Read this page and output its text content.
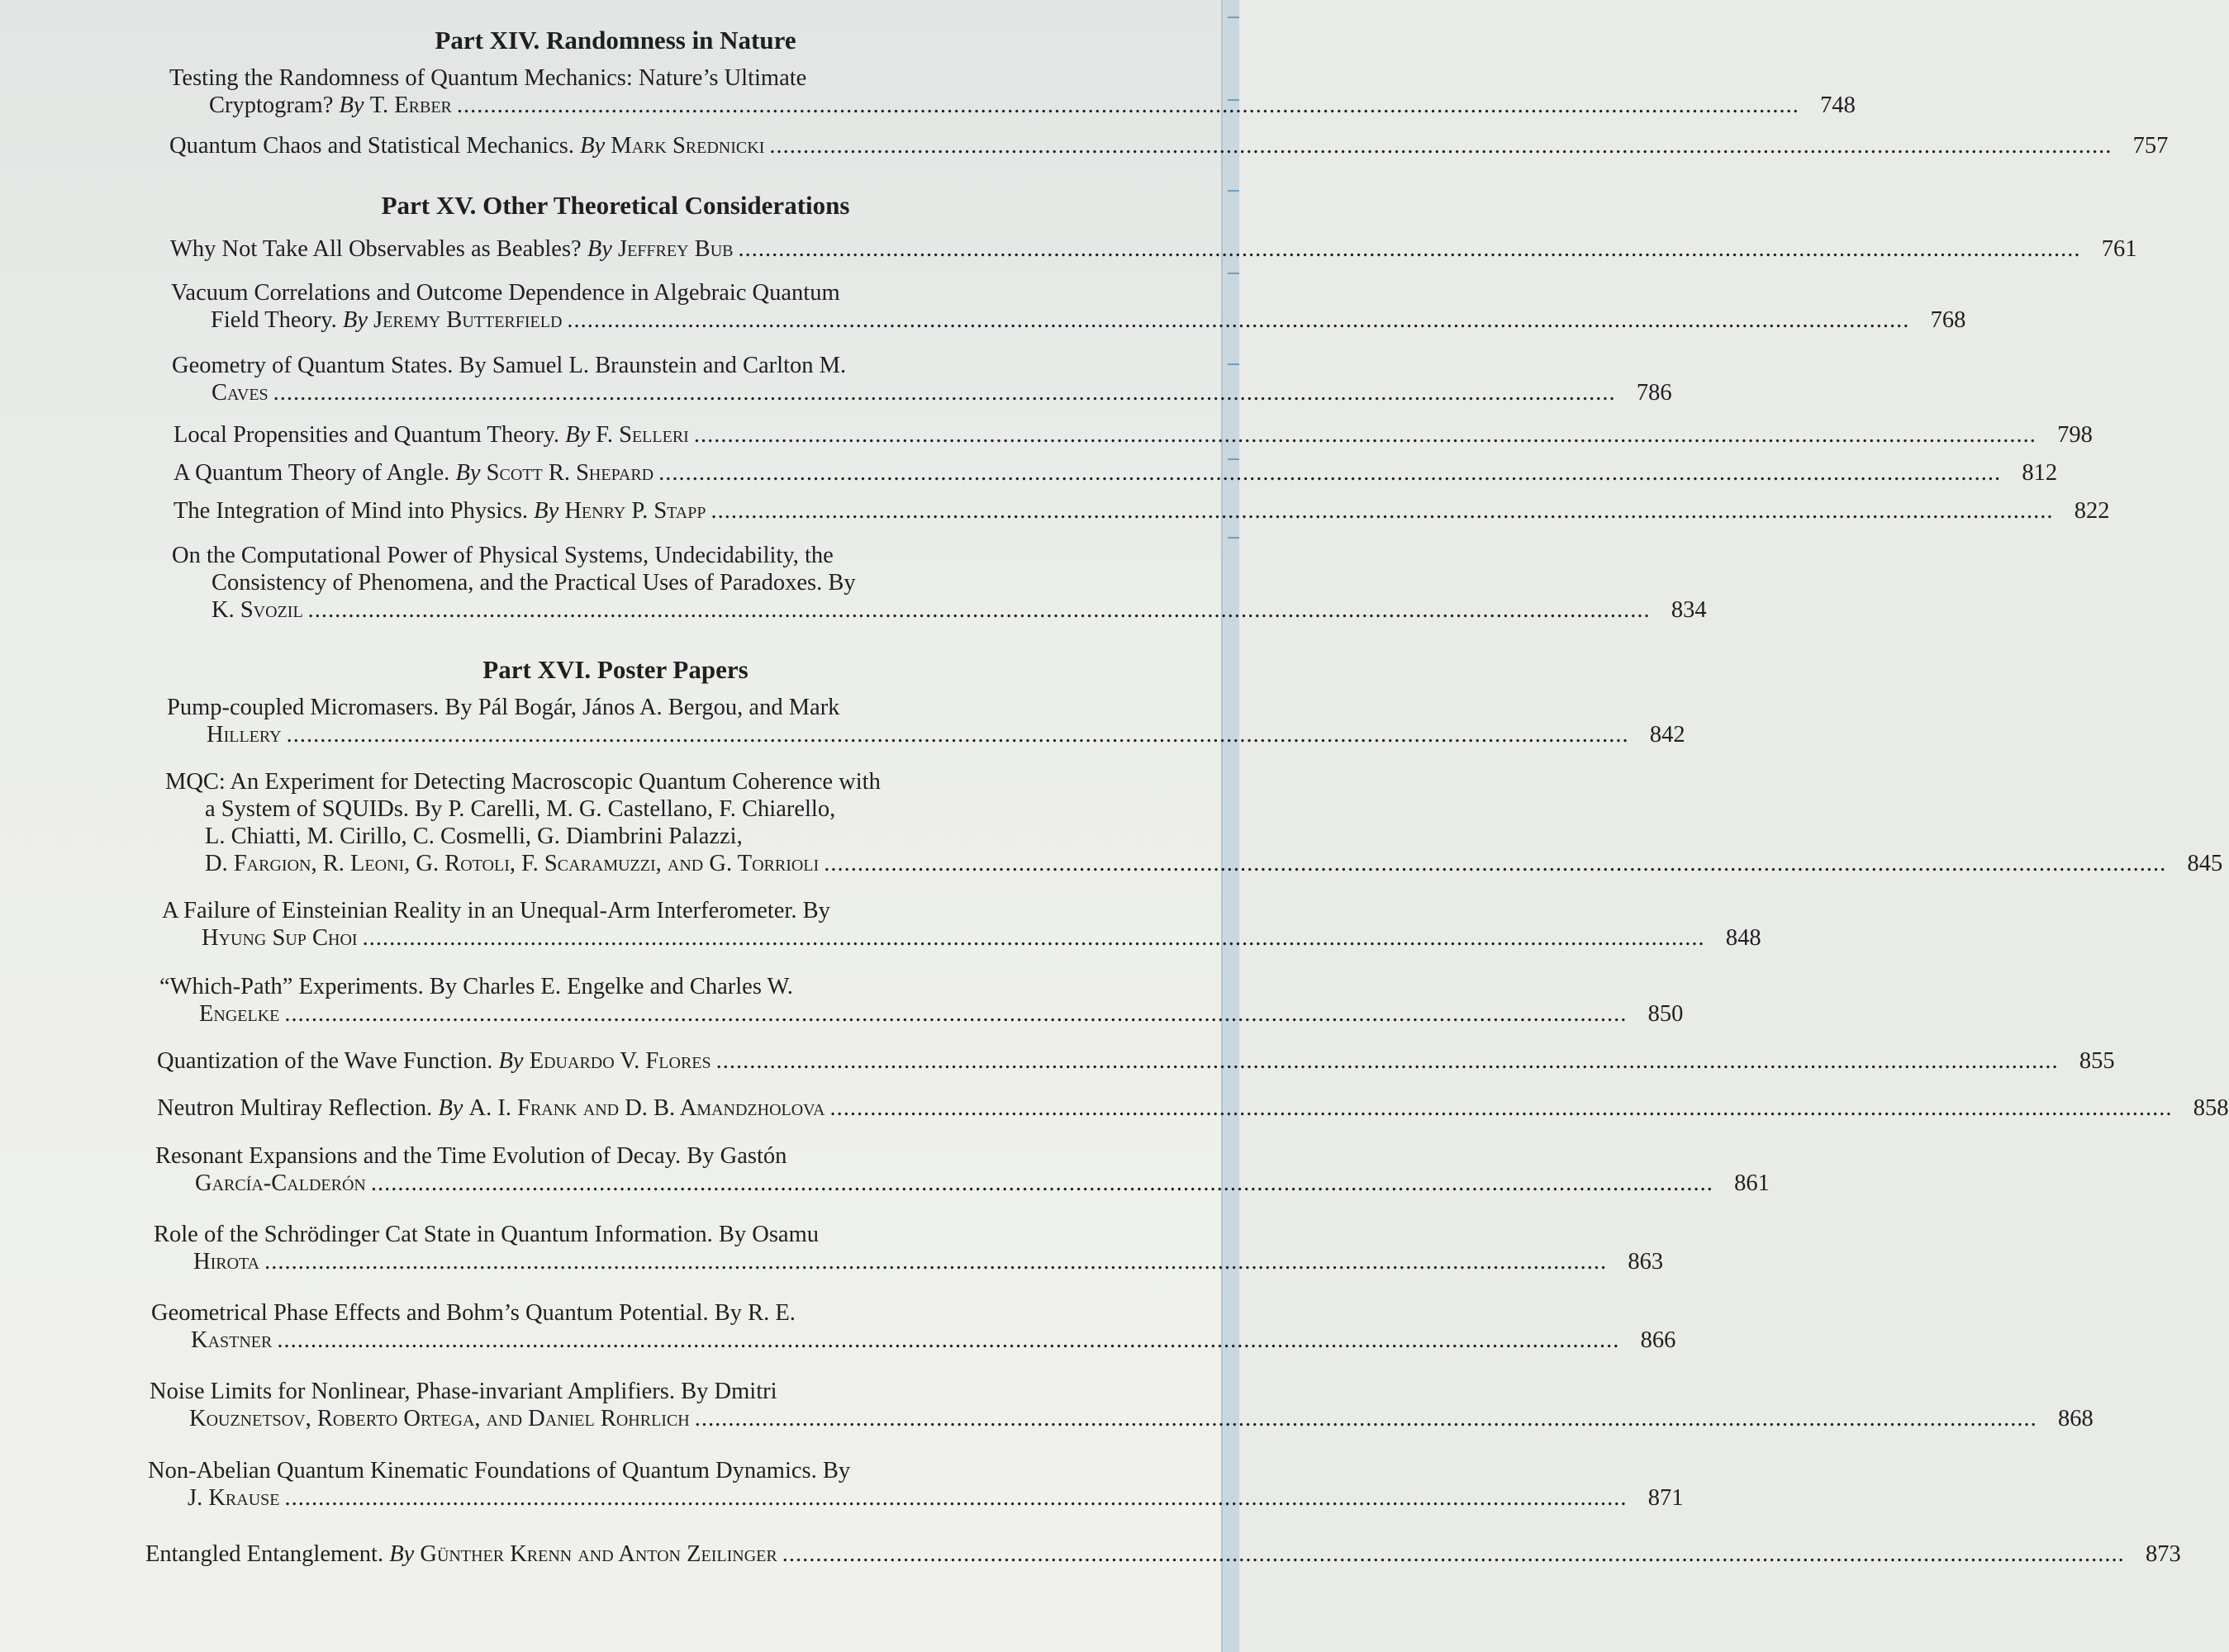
Part XIV. Randomness in Nature
Testing the Randomness of Quantum Mechanics: Nature’s Ultimate
Cryptogram? By T. Erber ........................................................................................................................................................................................................ 748
Quantum Chaos and Statistical Mechanics. By Mark Srednicki ........................................................................................................................................................................................................ 757
Part XV. Other Theoretical Considerations
Why Not Take All Observables as Beables? By Jeffrey Bub ........................................................................................................................................................................................................ 761
Vacuum Correlations and Outcome Dependence in Algebraic Quantum
Field Theory. By Jeremy Butterfield ........................................................................................................................................................................................................ 768
Geometry of Quantum States. By Samuel L. Braunstein and Carlton M.
Caves ........................................................................................................................................................................................................ 786
Local Propensities and Quantum Theory. By F. Selleri ........................................................................................................................................................................................................ 798
A Quantum Theory of Angle. By Scott R. Shepard ........................................................................................................................................................................................................ 812
The Integration of Mind into Physics. By Henry P. Stapp ........................................................................................................................................................................................................ 822
On the Computational Power of Physical Systems, Undecidability, the
Consistency of Phenomena, and the Practical Uses of Paradoxes. By
K. Svozil ........................................................................................................................................................................................................ 834
Part XVI. Poster Papers
Pump-coupled Micromasers. By Pál Bogár, János A. Bergou, and Mark
Hillery ........................................................................................................................................................................................................ 842
MQC: An Experiment for Detecting Macroscopic Quantum Coherence with
a System of SQUIDs. By P. Carelli, M. G. Castellano, F. Chiarello,
L. Chiatti, M. Cirillo, C. Cosmelli, G. Diambrini Palazzi,
D. Fargion, R. Leoni, G. Rotoli, F. Scaramuzzi, and G. Torrioli ........................................................................................................................................................................................................ 845
A Failure of Einsteinian Reality in an Unequal-Arm Interferometer. By
Hyung Sup Choi ........................................................................................................................................................................................................ 848
“Which-Path” Experiments. By Charles E. Engelke and Charles W.
Engelke ........................................................................................................................................................................................................ 850
Quantization of the Wave Function. By Eduardo V. Flores ........................................................................................................................................................................................................ 855
Neutron Multiray Reflection. By A. I. Frank and D. B. Amandzholova ........................................................................................................................................................................................................ 858
Resonant Expansions and the Time Evolution of Decay. By Gastón
García-Calderón ........................................................................................................................................................................................................ 861
Role of the Schrödinger Cat State in Quantum Information. By Osamu
Hirota ........................................................................................................................................................................................................ 863
Geometrical Phase Effects and Bohm’s Quantum Potential. By R. E.
Kastner ........................................................................................................................................................................................................ 866
Noise Limits for Nonlinear, Phase-invariant Amplifiers. By Dmitri
Kouznetsov, Roberto Ortega, and Daniel Rohrlich ........................................................................................................................................................................................................ 868
Non-Abelian Quantum Kinematic Foundations of Quantum Dynamics. By
J. Krause ........................................................................................................................................................................................................ 871
Entangled Entanglement. By Günther Krenn and Anton Zeilinger ........................................................................................................................................................................................................ 873
